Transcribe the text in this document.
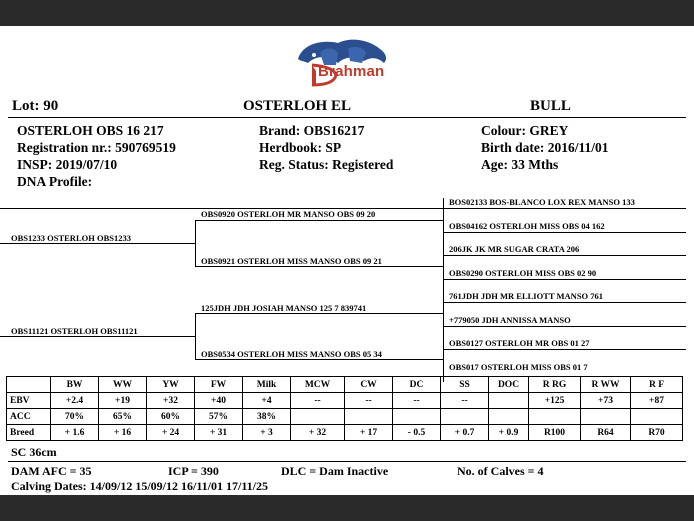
Brahman
Lot: 90	OSTERLOH EL	BULL
OSTERLOH OBS 16 217
Registration nr.: 590769519
INSP: 2019/07/10
DNA Profile:
Brand: OBS16217
Herdbook: SP
Reg. Status: Registered
Colour: GREY
Birth date: 2016/11/01
Age: 33 Mths
OBS1233 OSTERLOH OBS1233
OBS11121 OSTERLOH OBS11121
OBS0920 OSTERLOH MR MANSO OBS 09 20
OBS0921 OSTERLOH MISS MANSO OBS 09 21
125JDH JDH JOSIAH MANSO 125 7 839741
OBS0534 OSTERLOH MISS MANSO OBS 05 34
BOS02133 BOS-BLANCO LOX REX MANSO 133
OBS04162 OSTERLOH MISS OBS 04 162
206JK JK MR SUGAR CRATA 206
OBS0290 OSTERLOH MISS OBS 02 90
761JDH JDH MR ELLIOTT MANSO 761
+779050 JDH ANNISSA MANSO
OBS0127 OSTERLOH MR OBS 01 27
OBS017 OSTERLOH MISS OBS 01 7
	BW	WW	YW	FW	Milk	MCW	CW	DC	SS	DOC	R RG	R WW	R F
EBV	+2.4	+19	+32	+40	+4	--	--	--	--		+125	+73	+87
ACC	70%	65%	60%	57%	38%								
Breed	+ 1.6	+ 16	+ 24	+ 31	+ 3	+ 32	+ 17	- 0.5	+ 0.7	+ 0.9	R100	R64	R70
SC 36cm
DAM AFC = 35	ICP = 390	DLC = Dam Inactive	No. of Calves = 4
Calving Dates: 14/09/12 15/09/12 16/11/01 17/11/25
